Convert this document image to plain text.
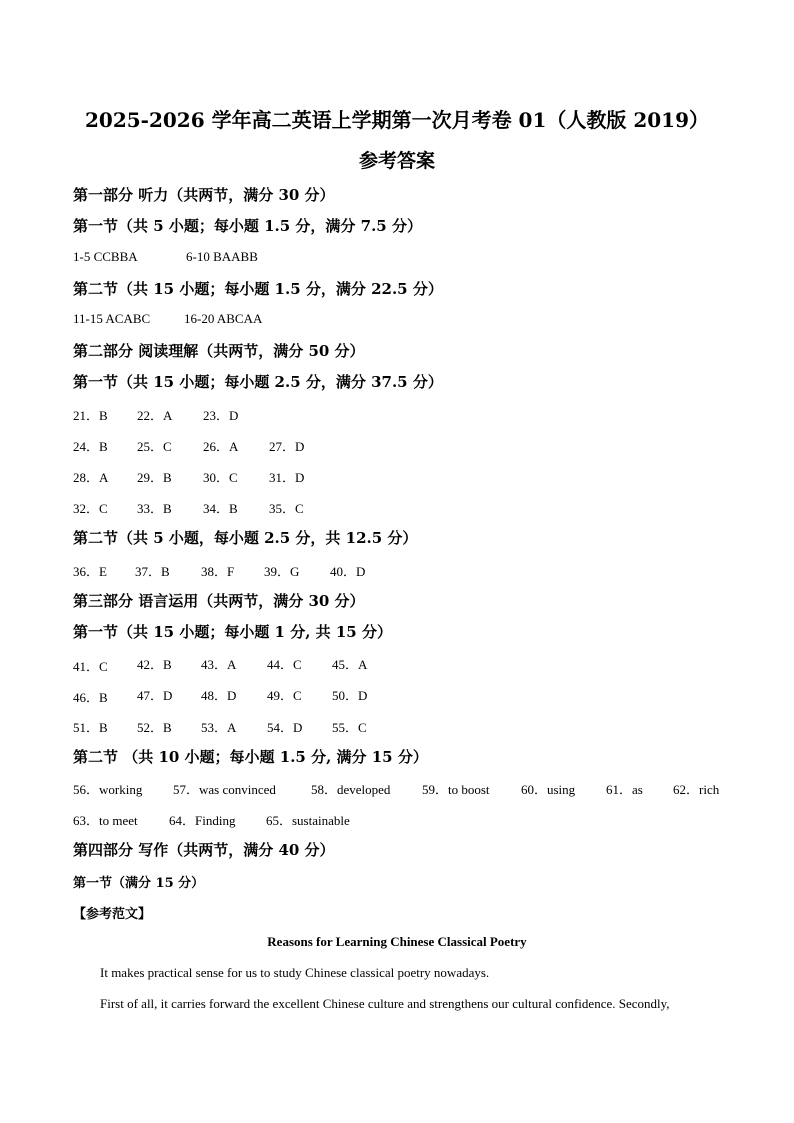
2025-2026 学年高二英语上学期第一次月考卷 01（人教版 2019）
参考答案
第一部分 听力（共两节，满分 30 分）
第一节（共 5 小题；每小题 1.5 分，满分 7.5 分）
1-5 CCBBA	6-10 BAABB
第二节（共 15 小题；每小题 1.5 分，满分 22.5 分）
11-15 ACABC	16-20 ABCAA
第二部分 阅读理解（共两节，满分 50 分）
第一节（共 15 小题；每小题 2.5 分，满分 37.5 分）
21．B 22．A 23．D
24．B 25．C 26．A 27．D
28．A 29．B 30．C 31．D
32．C 33．B 34．B 35．C
第二节（共 5 小题，每小题 2.5 分，共 12.5 分）
36．E 37．B 38．F 39．G 40．D
第三部分 语言运用（共两节，满分 30 分）
第一节（共 15 小题；每小题 1 分, 共 15 分）
41．C 42．B 43．A 44．C 45．A
46．B 47．D 48．D 49．C 50．D
51．B 52．B 53．A 54．D 55．C
第二节 （共 10 小题；每小题 1.5 分, 满分 15 分）
56．working 57．was convinced	58．developed 59．to boost 60．using 61．as 62．rich
63．to meet 64．Finding 65．sustainable
第四部分 写作（共两节，满分 40 分）
第一节（满分 15 分）
【参考范文】
Reasons for Learning Chinese Classical Poetry
It makes practical sense for us to study Chinese classical poetry nowadays.
First of all, it carries forward the excellent Chinese culture and strengthens our cultural confidence. Secondly,
